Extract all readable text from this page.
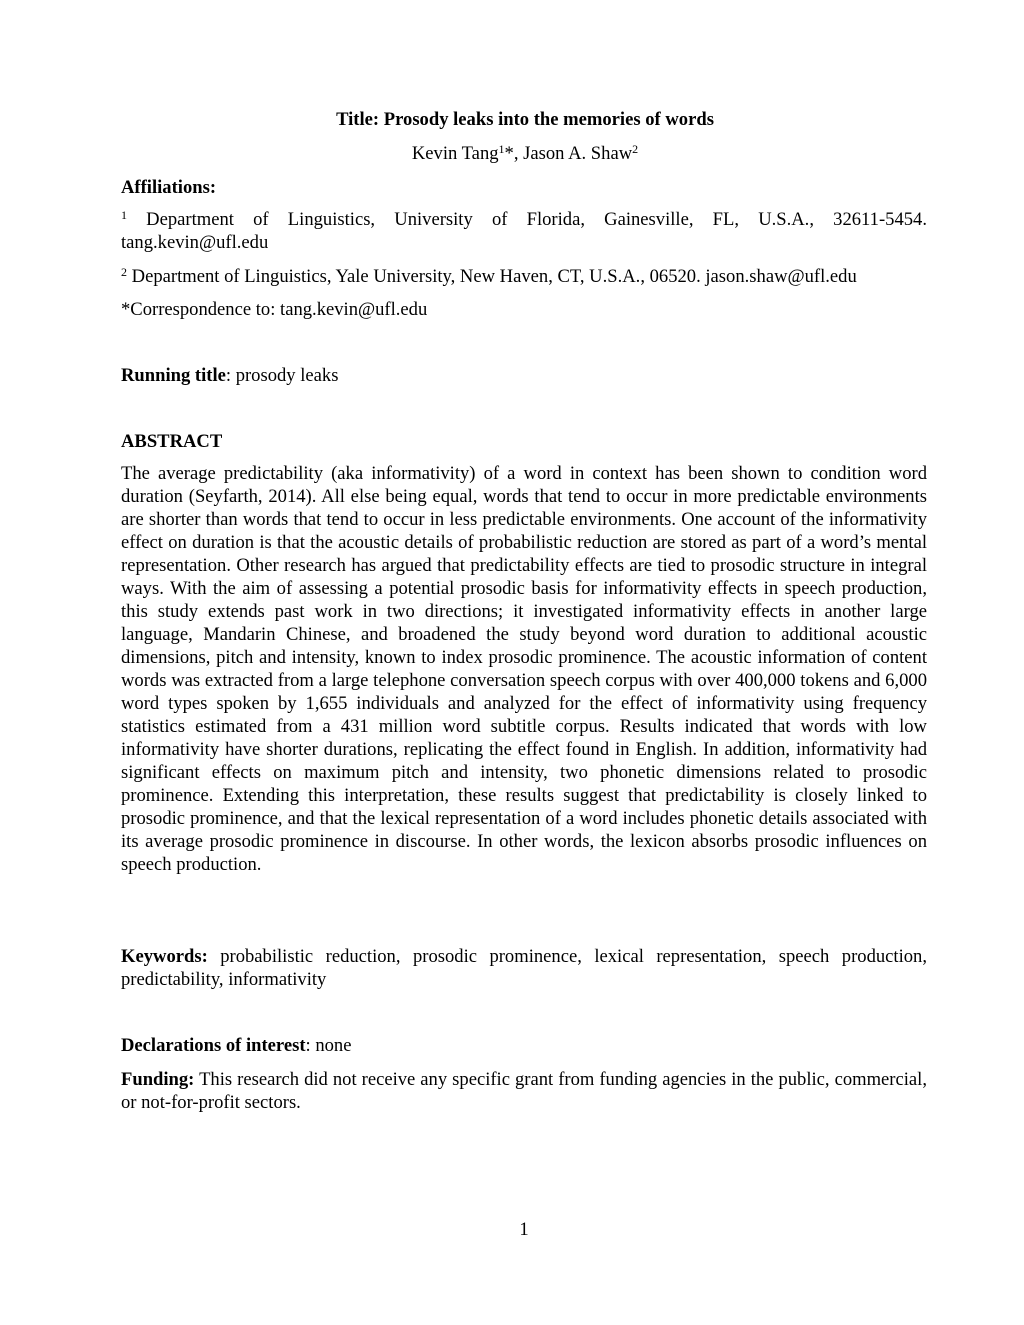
Title: Prosody leaks into the memories of words
Kevin Tang$^1$*, Jason A. Shaw$^2$
Affiliations:
$^1$ Department of Linguistics, University of Florida, Gainesville, FL, U.S.A., 32611-5454. tang.kevin@ufl.edu
$^2$ Department of Linguistics, Yale University, New Haven, CT, U.S.A., 06520. jason.shaw@ufl.edu
*Correspondence to: tang.kevin@ufl.edu
Running title: prosody leaks
ABSTRACT
The average predictability (aka informativity) of a word in context has been shown to condition word duration (Seyfarth, 2014). All else being equal, words that tend to occur in more predictable environments are shorter than words that tend to occur in less predictable environments. One account of the informativity effect on duration is that the acoustic details of probabilistic reduction are stored as part of a word’s mental representation. Other research has argued that predictability effects are tied to prosodic structure in integral ways. With the aim of assessing a potential prosodic basis for informativity effects in speech production, this study extends past work in two directions; it investigated informativity effects in another large language, Mandarin Chinese, and broadened the study beyond word duration to additional acoustic dimensions, pitch and intensity, known to index prosodic prominence. The acoustic information of content words was extracted from a large telephone conversation speech corpus with over 400,000 tokens and 6,000 word types spoken by 1,655 individuals and analyzed for the effect of informativity using frequency statistics estimated from a 431 million word subtitle corpus. Results indicated that words with low informativity have shorter durations, replicating the effect found in English. In addition, informativity had significant effects on maximum pitch and intensity, two phonetic dimensions related to prosodic prominence. Extending this interpretation, these results suggest that predictability is closely linked to prosodic prominence, and that the lexical representation of a word includes phonetic details associated with its average prosodic prominence in discourse. In other words, the lexicon absorbs prosodic influences on speech production.
Keywords: probabilistic reduction, prosodic prominence, lexical representation, speech production, predictability, informativity
Declarations of interest: none
Funding: This research did not receive any specific grant from funding agencies in the public, commercial, or not-for-profit sectors.
1
